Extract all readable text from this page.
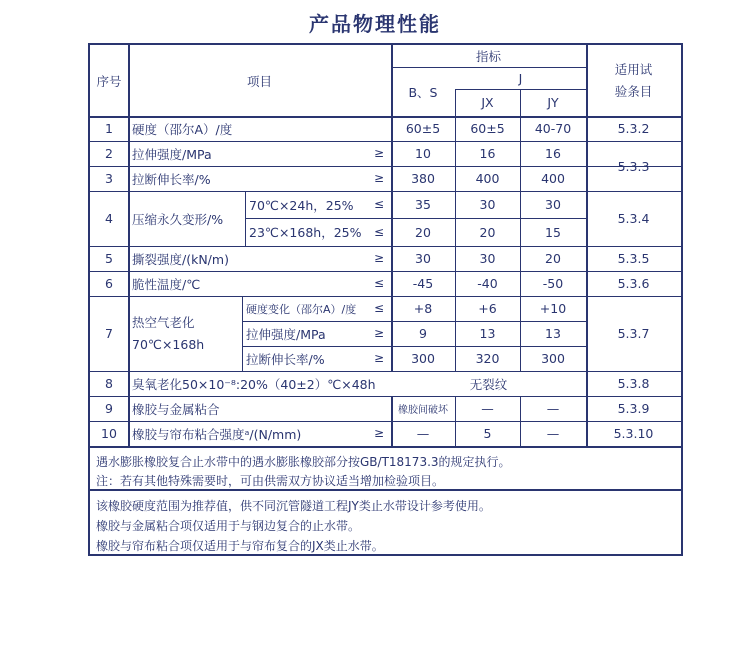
产品物理性能
序号	项目
指标
B、S
J
JX	JY
适用试
验条目
1	硬度（邵尔A）/度	60±5	60±5	40-70	5.3.2
2	拉伸强度/MPa	≥	10	16	16
5.3.3
3	拉断伸长率/%	≥	380	400	400
4	压缩永久变形/%
70℃×24h，25%	≤	35	30	30
23℃×168h，25%	≤	20	20	15
5.3.4
5	撕裂强度/(kN/m)	≥	30	30	20	5.3.5
6	脆性温度/℃	≤	-45	-40	-50	5.3.6
7
热空气老化
70℃×168h
硬度变化（邵尔A）/度	≤	+8	+6	+10
拉伸强度/MPa	≥	9	13	13
拉断伸长率/%	≥	300	320	300
5.3.7
8	臭氧老化50×10⁻⁸:20%（40±2）℃×48h	无裂纹	5.3.8
9	橡胶与金属粘合	橡胶间破坏	—	—	5.3.9
10	橡胶与帘布粘合强度ᵃ/(N/mm)	≥	—	5	—	5.3.10
遇水膨胀橡胶复合止水带中的遇水膨胀橡胶部分按GB/T18173.3的规定执行。
注：若有其他特殊需要时，可由供需双方协议适当增加检验项目。
该橡胶硬度范围为推荐值，供不同沉管隧道工程JY类止水带设计参考使用。
橡胶与金属粘合项仅适用于与钢边复合的止水带。
橡胶与帘布粘合项仅适用于与帘布复合的JX类止水带。
